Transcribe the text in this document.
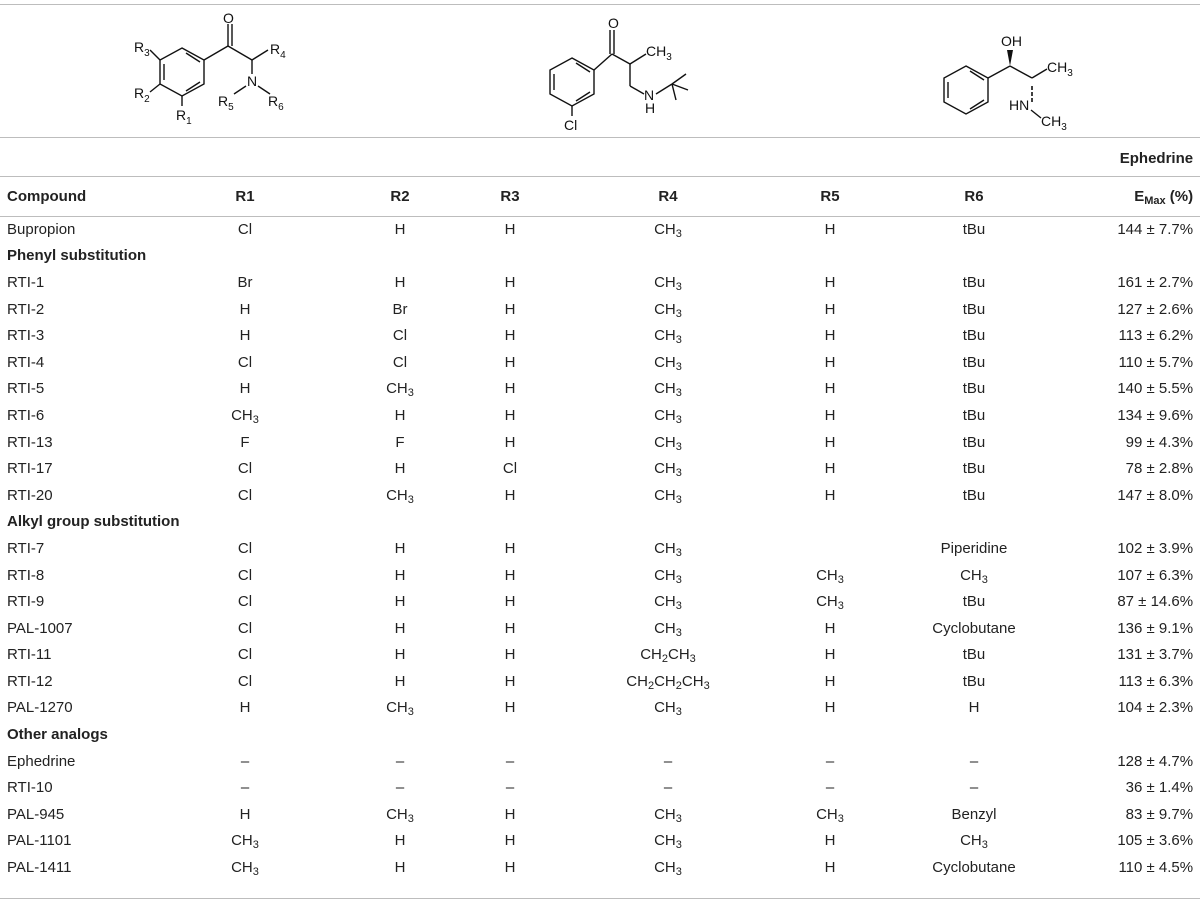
O
$R_4$
N
$R_5$ $R_6$
$R_3$
$R_2$
$R_1$
O
$CH_3$
N
H
Cl
OH
$CH_3$
HN
$CH_3$
Ephedrine							
Compound	R1	R2	R3	R4	R5	R6	$E_{Max}$ (%)
Bupropion	Cl	H	H	$CH_3$	H	tBu	144 ± 7.7%
Phenyl substitution							
RTI-1	Br	H	H	$CH_3$	H	tBu	161 ± 2.7%
RTI-2	H	Br	H	$CH_3$	H	tBu	127 ± 2.6%
RTI-3	H	Cl	H	$CH_3$	H	tBu	113 ± 6.2%
RTI-4	Cl	Cl	H	$CH_3$	H	tBu	110 ± 5.7%
RTI-5	H	$CH_3$	H	$CH_3$	H	tBu	140 ± 5.5%
RTI-6	$CH_3$	H	H	$CH_3$	H	tBu	134 ± 9.6%
RTI-13	F	F	H	$CH_3$	H	tBu	99 ± 4.3%
RTI-17	Cl	H	Cl	$CH_3$	H	tBu	78 ± 2.8%
RTI-20	Cl	$CH_3$	H	$CH_3$	H	tBu	147 ± 8.0%
Alkyl group substitution							
RTI-7	Cl	H	H	$CH_3$		Piperidine	102 ± 3.9%
RTI-8	Cl	H	H	$CH_3$	$CH_3$	$CH_3$	107 ± 6.3%
RTI-9	Cl	H	H	$CH_3$	$CH_3$	tBu	87 ± 14.6%
PAL-1007	Cl	H	H	$CH_3$	H	Cyclobutane	136 ± 9.1%
RTI-11	Cl	H	H	$CH_2CH_3$	H	tBu	131 ± 3.7%
RTI-12	Cl	H	H	$CH_2CH_2CH_3$	H	tBu	113 ± 6.3%
PAL-1270	H	$CH_3$	H	$CH_3$	H	H	104 ± 2.3%
Other analogs							
Ephedrine	–	–	–	–	–	–	128 ± 4.7%
RTI-10	–	–	–	–	–	–	36 ± 1.4%
PAL-945	H	$CH_3$	H	$CH_3$	$CH_3$	Benzyl	83 ± 9.7%
PAL-1101	$CH_3$	H	H	$CH_3$	H	$CH_3$	105 ± 3.6%
PAL-1411	$CH_3$	H	H	$CH_3$	H	Cyclobutane	110 ± 4.5%
